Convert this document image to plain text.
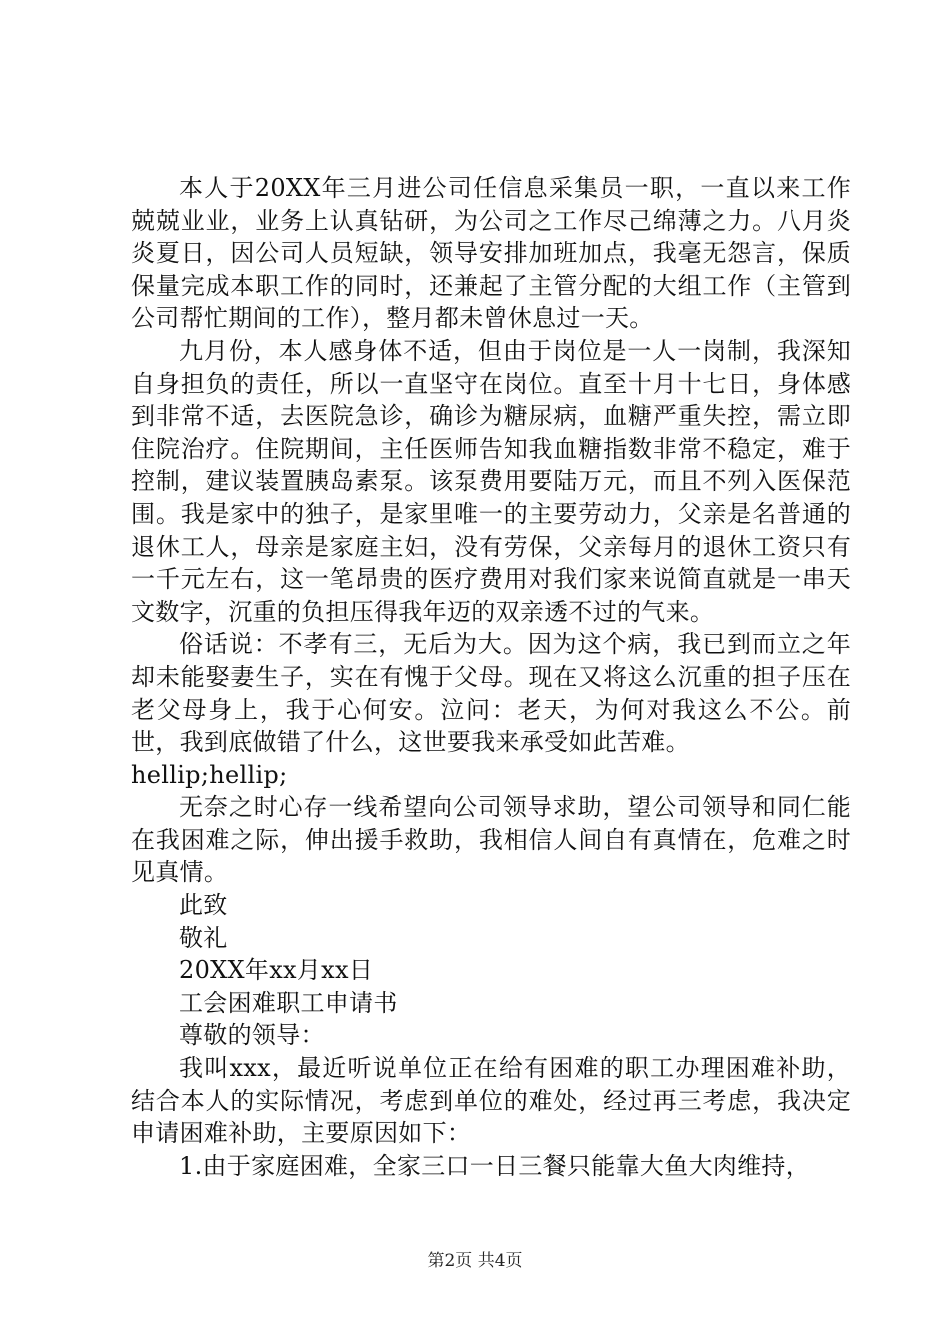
本人于20XX年三月进公司任信息采集员一职，一直以来工作兢兢业业，业务上认真钻研，为公司之工作尽己绵薄之力。八月炎炎夏日，因公司人员短缺，领导安排加班加点，我毫无怨言，保质保量完成本职工作的同时，还兼起了主管分配的大组工作（主管到公司帮忙期间的工作），整月都未曾休息过一天。

九月份，本人感身体不适，但由于岗位是一人一岗制，我深知自身担负的责任，所以一直坚守在岗位。直至十月十七日，身体感到非常不适，去医院急诊，确诊为糖尿病，血糖严重失控，需立即住院治疗。住院期间，主任医师告知我血糖指数非常不稳定，难于控制，建议装置胰岛素泵。该泵费用要陆万元，而且不列入医保范围。我是家中的独子，是家里唯一的主要劳动力，父亲是名普通的退休工人，母亲是家庭主妇，没有劳保，父亲每月的退休工资只有一千元左右，这一笔昂贵的医疗费用对我们家来说简直就是一串天文数字，沉重的负担压得我年迈的双亲透不过的气来。

俗话说：不孝有三，无后为大。因为这个病，我已到而立之年却未能娶妻生子，实在有愧于父母。现在又将这么沉重的担子压在老父母身上，我于心何安。泣问：老天，为何对我这么不公。前世，我到底做错了什么，这世要我来承受如此苦难。

hellip;hellip;

无奈之时心存一线希望向公司领导求助，望公司领导和同仁能在我困难之际，伸出援手救助，我相信人间自有真情在，危难之时见真情。

此致

敬礼

20XX年xx月xx日

工会困难职工申请书

尊敬的领导：

我叫xxx，最近听说单位正在给有困难的职工办理困难补助，结合本人的实际情况，考虑到单位的难处，经过再三考虑，我决定申请困难补助，主要原因如下：

1.由于家庭困难，全家三口一日三餐只能靠大鱼大肉维持，

第2页 共4页
